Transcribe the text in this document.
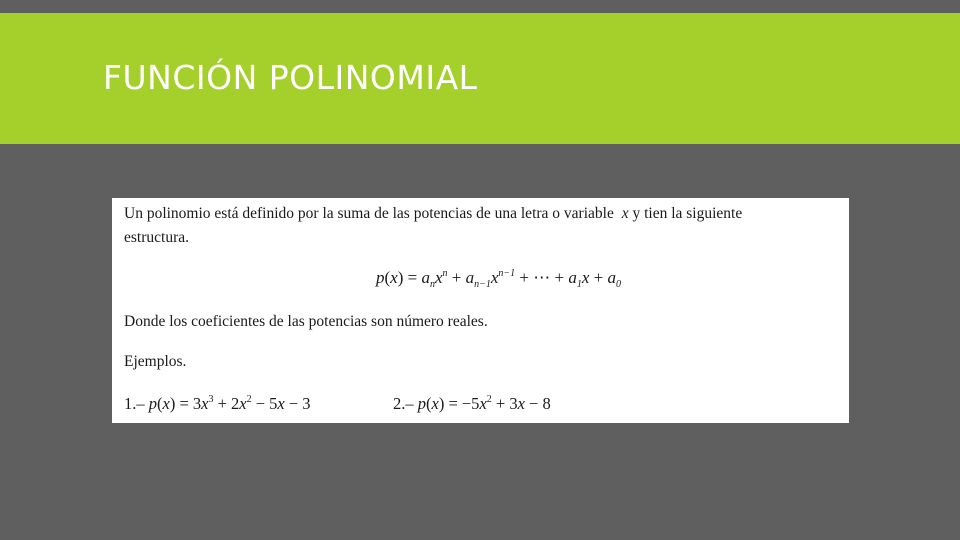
FUNCIÓN POLINOMIAL
Un polinomio está definido por la suma de las potencias de una letra o variable x y tien la siguiente
estructura.
$p(x) = a_nx^n + a_{n-1}x^{n-1}$ + ⋯ + $a_1x + a_0$
Donde los coeficientes de las potencias son número reales.
Ejemplos.
1.– $p(x) = 3x^3 + 2x^2 - 5x - 3$	2.– $p(x) = -5x^2 + 3x - 8$
